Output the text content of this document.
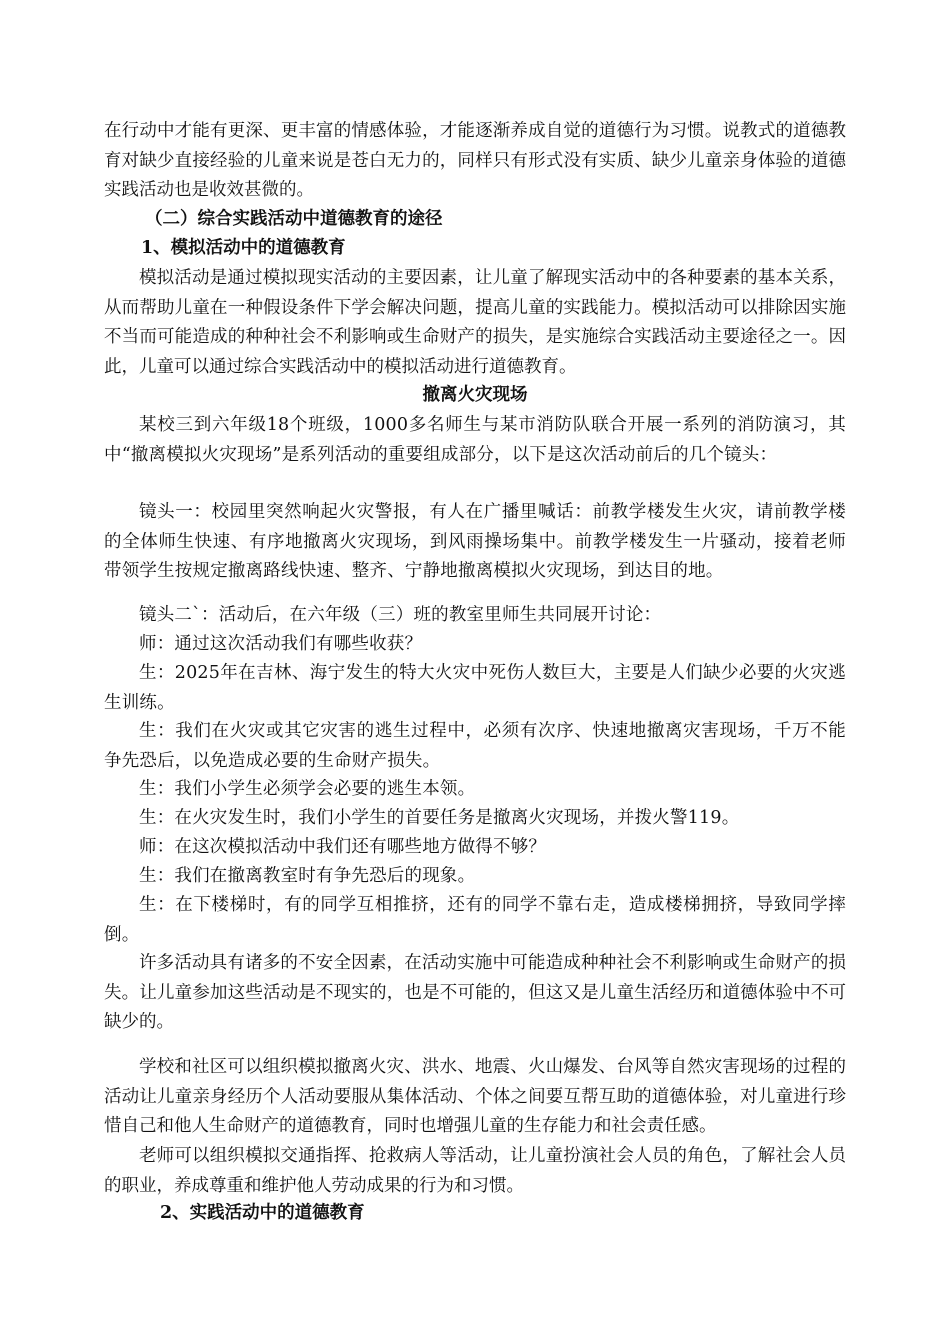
在行动中才能有更深、更丰富的情感体验，才能逐渐养成自觉的道德行为习惯。说教式的道德教育对缺少直接经验的儿童来说是苍白无力的，同样只有形式没有实质、缺少儿童亲身体验的道德实践活动也是收效甚微的。

（二）综合实践活动中道德教育的途径

1、模拟活动中的道德教育

模拟活动是通过模拟现实活动的主要因素，让儿童了解现实活动中的各种要素的基本关系，从而帮助儿童在一种假设条件下学会解决问题，提高儿童的实践能力。模拟活动可以排除因实施不当而可能造成的种种社会不利影响或生命财产的损失，是实施综合实践活动主要途径之一。因此，儿童可以通过综合实践活动中的模拟活动进行道德教育。

撤离火灾现场

某校三到六年级18个班级，1000多名师生与某市消防队联合开展一系列的消防演习，其中“撤离模拟火灾现场”是系列活动的重要组成部分，以下是这次活动前后的几个镜头：

镜头一：校园里突然响起火灾警报，有人在广播里喊话：前教学楼发生火灾，请前教学楼的全体师生快速、有序地撤离火灾现场，到风雨操场集中。前教学楼发生一片骚动，接着老师带领学生按规定撤离路线快速、整齐、宁静地撤离模拟火灾现场，到达目的地。

镜头二`：活动后，在六年级（三）班的教室里师生共同展开讨论：

师：通过这次活动我们有哪些收获？

生：2025年在吉林、海宁发生的特大火灾中死伤人数巨大，主要是人们缺少必要的火灾逃生训练。

生：我们在火灾或其它灾害的逃生过程中，必须有次序、快速地撤离灾害现场，千万不能争先恐后，以免造成必要的生命财产损失。

生：我们小学生必须学会必要的逃生本领。

生：在火灾发生时，我们小学生的首要任务是撤离火灾现场，并拨火警119。

师：在这次模拟活动中我们还有哪些地方做得不够？

生：我们在撤离教室时有争先恐后的现象。

生：在下楼梯时，有的同学互相推挤，还有的同学不靠右走，造成楼梯拥挤，导致同学摔倒。

许多活动具有诸多的不安全因素，在活动实施中可能造成种种社会不利影响或生命财产的损失。让儿童参加这些活动是不现实的，也是不可能的，但这又是儿童生活经历和道德体验中不可缺少的。

学校和社区可以组织模拟撤离火灾、洪水、地震、火山爆发、台风等自然灾害现场的过程的活动让儿童亲身经历个人活动要服从集体活动、个体之间要互帮互助的道德体验，对儿童进行珍惜自己和他人生命财产的道德教育，同时也增强儿童的生存能力和社会责任感。

老师可以组织模拟交通指挥、抢救病人等活动，让儿童扮演社会人员的角色，了解社会人员的职业，养成尊重和维护他人劳动成果的行为和习惯。

2、实践活动中的道德教育
